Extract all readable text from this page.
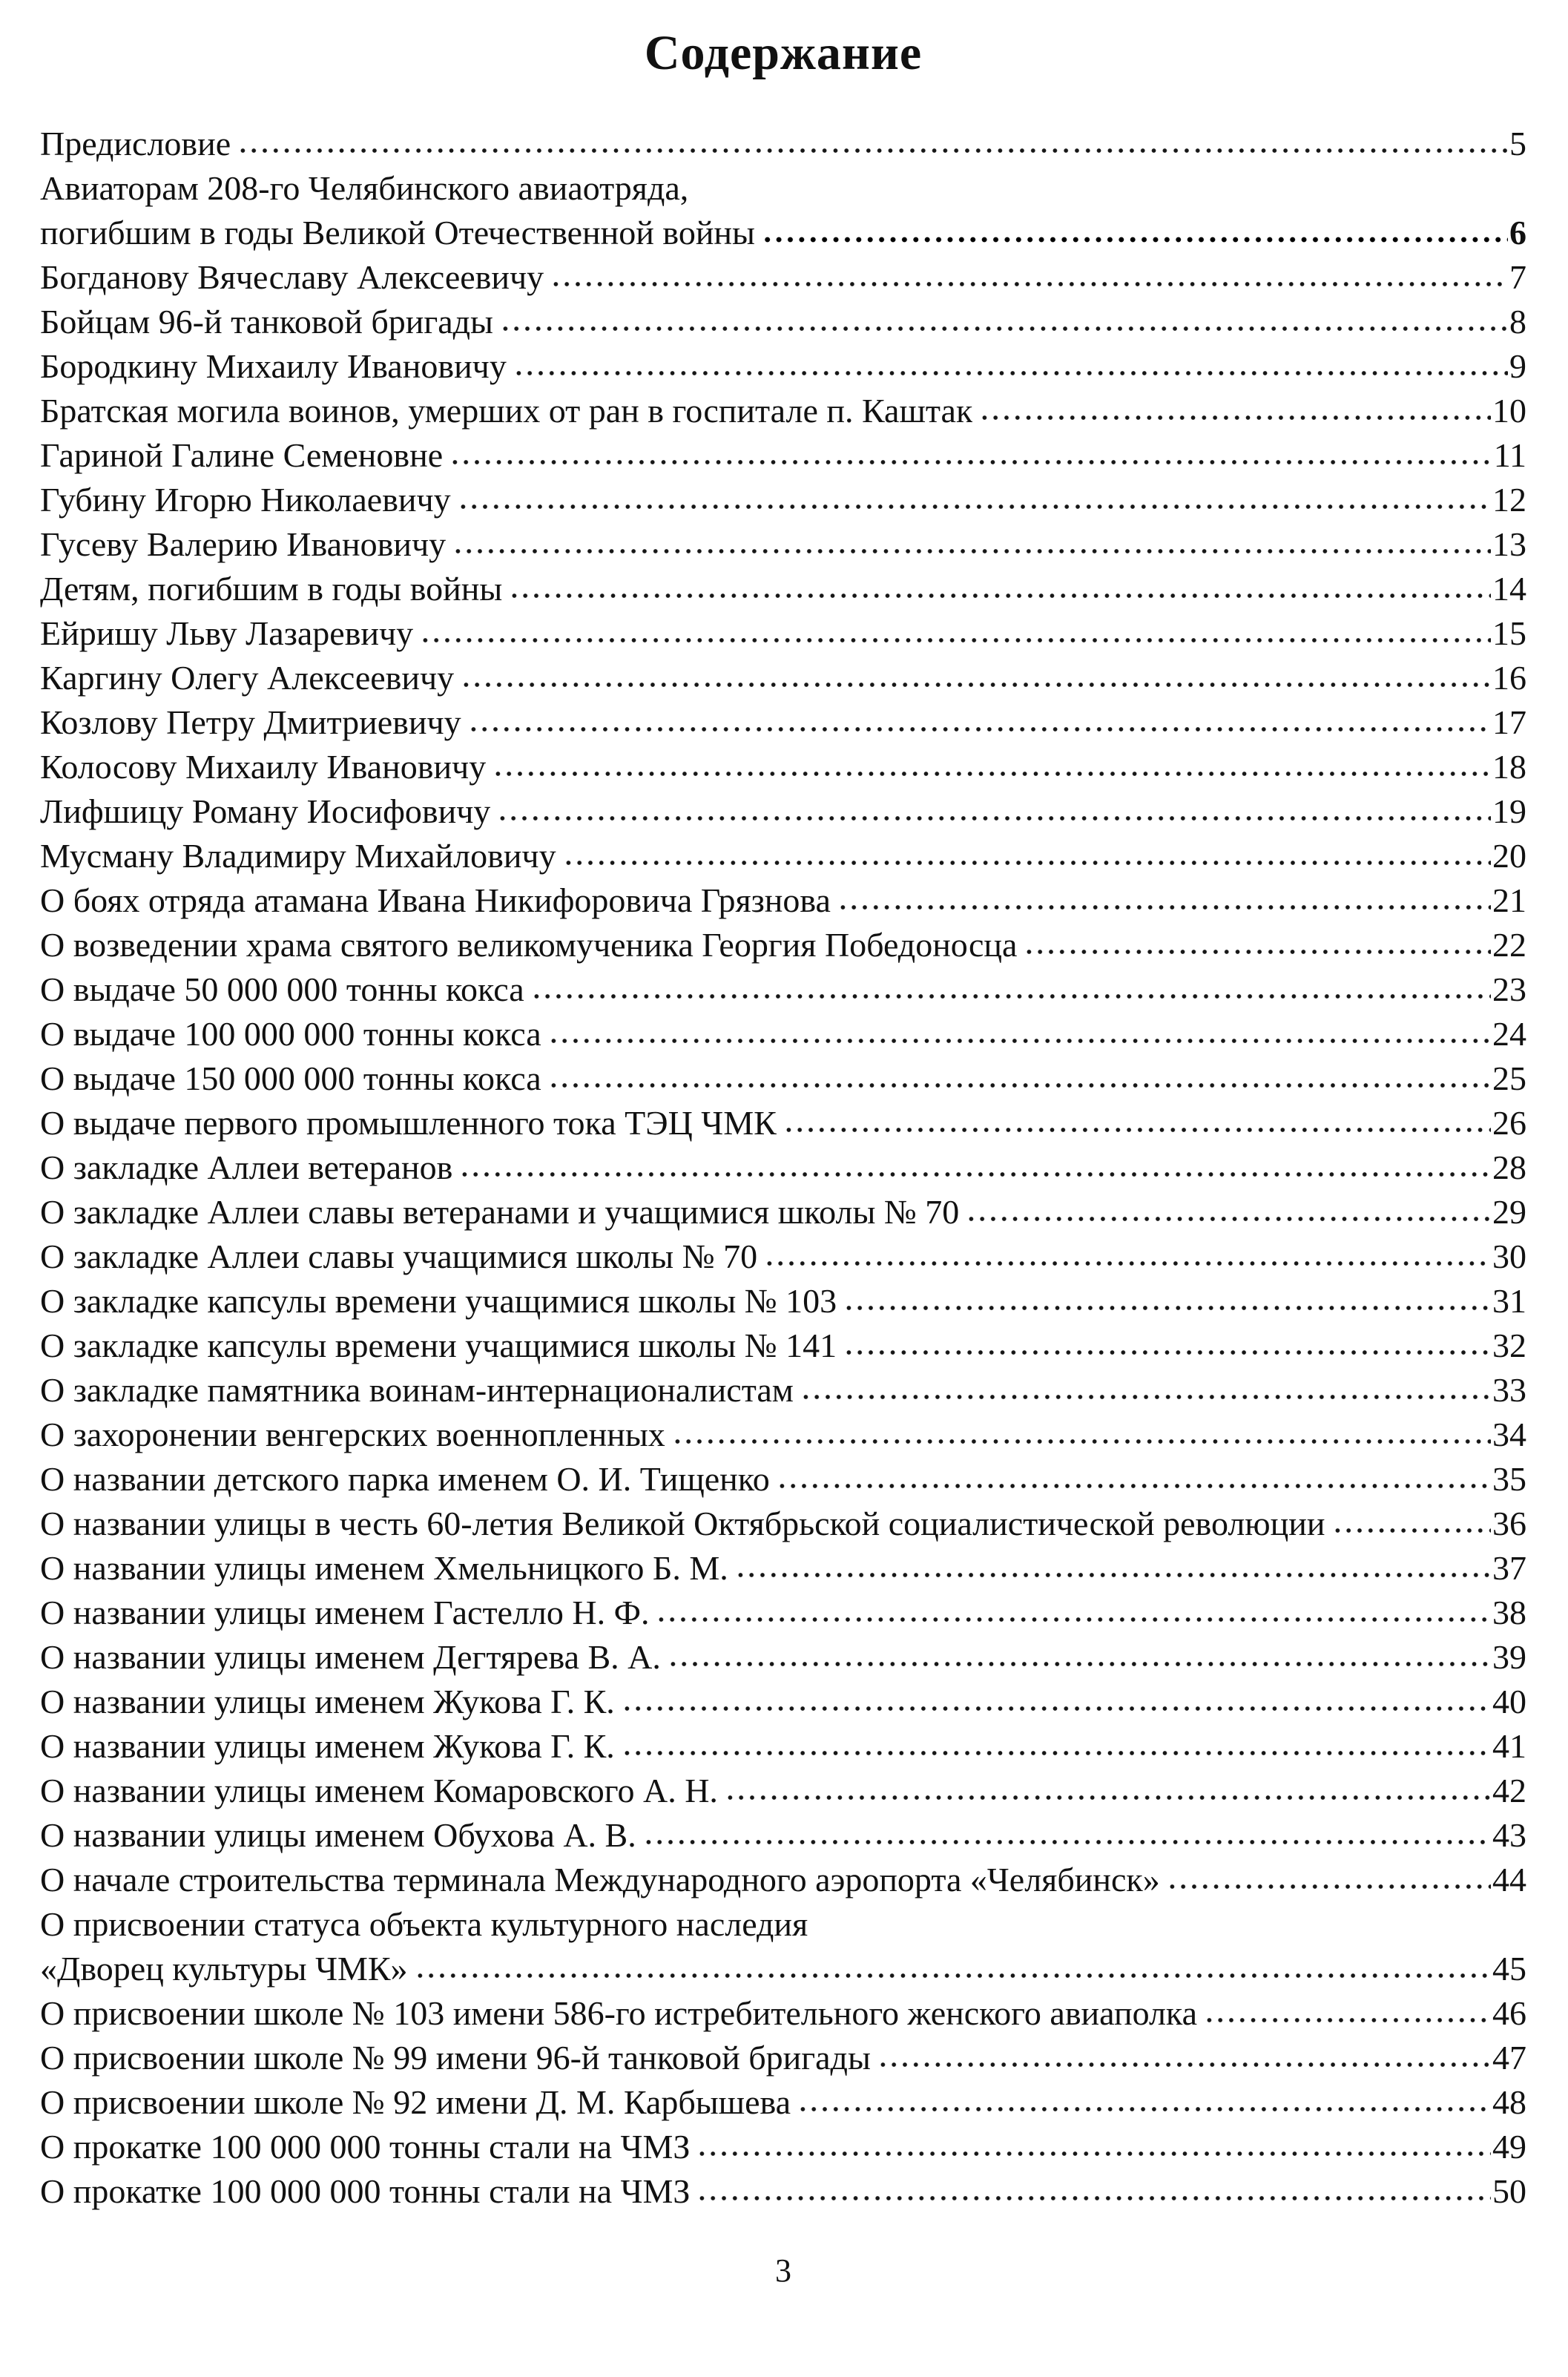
Содержание
Предисловие	5
Авиаторам 208-го Челябинского авиаотряда,
погибшим в годы Великой Отечественной войны	6
Богданову Вячеславу Алексеевичу	7
Бойцам 96-й танковой бригады	8
Бородкину Михаилу Ивановичу	9
Братская могила воинов, умерших от ран в госпитале п. Каштак	10
Гариной Галине Семеновне	11
Губину Игорю Николаевичу	12
Гусеву Валерию Ивановичу	13
Детям, погибшим в годы войны	14
Ейришу Льву Лазаревичу	15
Каргину Олегу Алексеевичу	16
Козлову Петру Дмитриевичу	17
Колосову Михаилу Ивановичу	18
Лифшицу Роману Иосифовичу	19
Мусману Владимиру Михайловичу	20
О боях отряда атамана Ивана Никифоровича Грязнова	21
О возведении храма святого великомученика Георгия Победоносца	22
О выдаче 50 000 000 тонны кокса	23
О выдаче 100 000 000 тонны кокса	24
О выдаче 150 000 000 тонны кокса	25
О выдаче первого промышленного тока ТЭЦ ЧМК	26
О закладке Аллеи ветеранов	28
О закладке Аллеи славы ветеранами и учащимися школы № 70	29
О закладке Аллеи славы учащимися школы № 70	30
О закладке капсулы времени учащимися школы № 103	31
О закладке капсулы времени учащимися школы № 141	32
О закладке памятника воинам-интернационалистам	33
О захоронении венгерских военнопленных	34
О названии детского парка именем О. И. Тищенко	35
О названии улицы в честь 60-летия Великой Октябрьской социалистической революции	36
О названии улицы именем Хмельницкого Б. М.	37
О названии улицы именем Гастелло Н. Ф.	38
О названии улицы именем Дегтярева В. А.	39
О названии улицы именем Жукова Г. К.	40
О названии улицы именем Жукова Г. К.	41
О названии улицы именем Комаровского А. Н.	42
О названии улицы именем Обухова А. В.	43
О начале строительства терминала Международного аэропорта «Челябинск»	44
О присвоении статуса объекта культурного наследия
«Дворец культуры ЧМК»	45
О присвоении школе № 103 имени 586-го истребительного женского авиаполка	46
О присвоении школе № 99 имени 96-й танковой бригады	47
О присвоении школе № 92 имени Д. М. Карбышева	48
О прокатке 100 000 000 тонны стали на ЧМЗ	49
О прокатке 100 000 000 тонны стали на ЧМЗ	50
3
